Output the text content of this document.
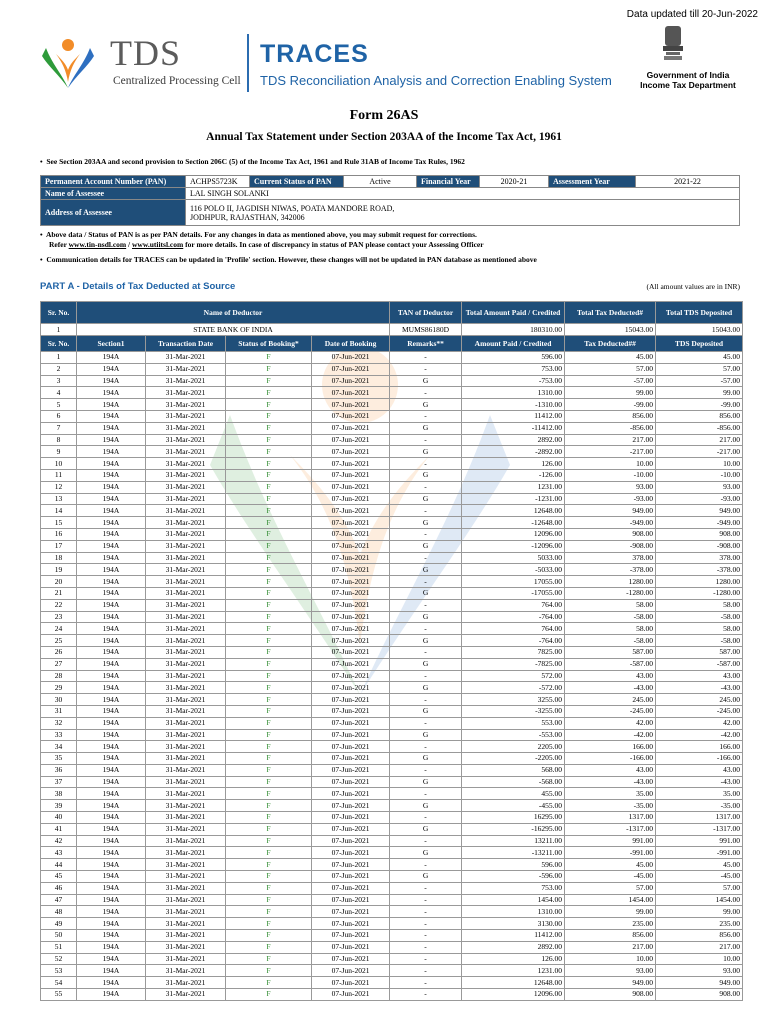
Data updated till 20-Jun-2022
TDS
Centralized Processing Cell
TRACES
TDS Reconciliation Analysis and Correction Enabling System	Government of India
Income Tax Department
Form 26AS
Annual Tax Statement under Section 203AA of the Income Tax Act, 1961
•  See Section 203AA and second provision to Section 206C (5) of the Income Tax Act, 1961 and Rule 31AB of Income Tax Rules, 1962
Permanent Account Number (PAN)	ACHPS5723K	Current Status of PAN	Active	Financial Year	2020-21	Assessment Year	2021-22
Name of Assessee	LAL SINGH SOLANKI						
Address of Assessee	116 POLO II, JAGDISH NIWAS, POATA MANDORE ROAD,
JODHPUR, RAJASTHAN, 342006						
•  Above data / Status of PAN is as per PAN details. For any changes in data as mentioned above, you may submit request for corrections.
Refer www.tin-nsdl.com / www.utiitsl.com for more details. In case of discrepancy in status of PAN please contact your Assessing Officer
•  Communication details for TRACES can be updated in 'Profile' section. However, these changes will not be updated in PAN database as mentioned above
PART A - Details of Tax Deducted at Source	(All amount values are in INR)
Sr. No.	Name of Deductor				TAN of Deductor	Total Amount Paid / Credited	Total Tax Deducted#	Total TDS Deposited
1	STATE BANK OF INDIA				MUMS86180D	180310.00	15043.00	15043.00
Sr. No.	Section1	Transaction Date	Status of Booking*	Date of Booking	Remarks**	Amount Paid / Credited	Tax Deducted##	TDS Deposited
1	194A	31-Mar-2021	F	07-Jun-2021	-	596.00	45.00	45.00
2	194A	31-Mar-2021	F	07-Jun-2021	-	753.00	57.00	57.00
3	194A	31-Mar-2021	F	07-Jun-2021	G	-753.00	-57.00	-57.00
4	194A	31-Mar-2021	F	07-Jun-2021	-	1310.00	99.00	99.00
5	194A	31-Mar-2021	F	07-Jun-2021	G	-1310.00	-99.00	-99.00
6	194A	31-Mar-2021	F	07-Jun-2021	-	11412.00	856.00	856.00
7	194A	31-Mar-2021	F	07-Jun-2021	G	-11412.00	-856.00	-856.00
8	194A	31-Mar-2021	F	07-Jun-2021	-	2892.00	217.00	217.00
9	194A	31-Mar-2021	F	07-Jun-2021	G	-2892.00	-217.00	-217.00
10	194A	31-Mar-2021	F	07-Jun-2021	-	126.00	10.00	10.00
11	194A	31-Mar-2021	F	07-Jun-2021	G	-126.00	-10.00	-10.00
12	194A	31-Mar-2021	F	07-Jun-2021	-	1231.00	93.00	93.00
13	194A	31-Mar-2021	F	07-Jun-2021	G	-1231.00	-93.00	-93.00
14	194A	31-Mar-2021	F	07-Jun-2021	-	12648.00	949.00	949.00
15	194A	31-Mar-2021	F	07-Jun-2021	G	-12648.00	-949.00	-949.00
16	194A	31-Mar-2021	F	07-Jun-2021	-	12096.00	908.00	908.00
17	194A	31-Mar-2021	F	07-Jun-2021	G	-12096.00	-908.00	-908.00
18	194A	31-Mar-2021	F	07-Jun-2021	-	5033.00	378.00	378.00
19	194A	31-Mar-2021	F	07-Jun-2021	G	-5033.00	-378.00	-378.00
20	194A	31-Mar-2021	F	07-Jun-2021	-	17055.00	1280.00	1280.00
21	194A	31-Mar-2021	F	07-Jun-2021	G	-17055.00	-1280.00	-1280.00
22	194A	31-Mar-2021	F	07-Jun-2021	-	764.00	58.00	58.00
23	194A	31-Mar-2021	F	07-Jun-2021	G	-764.00	-58.00	-58.00
24	194A	31-Mar-2021	F	07-Jun-2021	-	764.00	58.00	58.00
25	194A	31-Mar-2021	F	07-Jun-2021	G	-764.00	-58.00	-58.00
26	194A	31-Mar-2021	F	07-Jun-2021	-	7825.00	587.00	587.00
27	194A	31-Mar-2021	F	07-Jun-2021	G	-7825.00	-587.00	-587.00
28	194A	31-Mar-2021	F	07-Jun-2021	-	572.00	43.00	43.00
29	194A	31-Mar-2021	F	07-Jun-2021	G	-572.00	-43.00	-43.00
30	194A	31-Mar-2021	F	07-Jun-2021	-	3255.00	245.00	245.00
31	194A	31-Mar-2021	F	07-Jun-2021	G	-3255.00	-245.00	-245.00
32	194A	31-Mar-2021	F	07-Jun-2021	-	553.00	42.00	42.00
33	194A	31-Mar-2021	F	07-Jun-2021	G	-553.00	-42.00	-42.00
34	194A	31-Mar-2021	F	07-Jun-2021	-	2205.00	166.00	166.00
35	194A	31-Mar-2021	F	07-Jun-2021	G	-2205.00	-166.00	-166.00
36	194A	31-Mar-2021	F	07-Jun-2021	-	568.00	43.00	43.00
37	194A	31-Mar-2021	F	07-Jun-2021	G	-568.00	-43.00	-43.00
38	194A	31-Mar-2021	F	07-Jun-2021	-	455.00	35.00	35.00
39	194A	31-Mar-2021	F	07-Jun-2021	G	-455.00	-35.00	-35.00
40	194A	31-Mar-2021	F	07-Jun-2021	-	16295.00	1317.00	1317.00
41	194A	31-Mar-2021	F	07-Jun-2021	G	-16295.00	-1317.00	-1317.00
42	194A	31-Mar-2021	F	07-Jun-2021	-	13211.00	991.00	991.00
43	194A	31-Mar-2021	F	07-Jun-2021	G	-13211.00	-991.00	-991.00
44	194A	31-Mar-2021	F	07-Jun-2021	-	596.00	45.00	45.00
45	194A	31-Mar-2021	F	07-Jun-2021	G	-596.00	-45.00	-45.00
46	194A	31-Mar-2021	F	07-Jun-2021	-	753.00	57.00	57.00
47	194A	31-Mar-2021	F	07-Jun-2021	-	1454.00	1454.00	1454.00
48	194A	31-Mar-2021	F	07-Jun-2021	-	1310.00	99.00	99.00
49	194A	31-Mar-2021	F	07-Jun-2021	-	3130.00	235.00	235.00
50	194A	31-Mar-2021	F	07-Jun-2021	-	11412.00	856.00	856.00
51	194A	31-Mar-2021	F	07-Jun-2021	-	2892.00	217.00	217.00
52	194A	31-Mar-2021	F	07-Jun-2021	-	126.00	10.00	10.00
53	194A	31-Mar-2021	F	07-Jun-2021	-	1231.00	93.00	93.00
54	194A	31-Mar-2021	F	07-Jun-2021	-	12648.00	949.00	949.00
55	194A	31-Mar-2021	F	07-Jun-2021	-	12096.00	908.00	908.00
